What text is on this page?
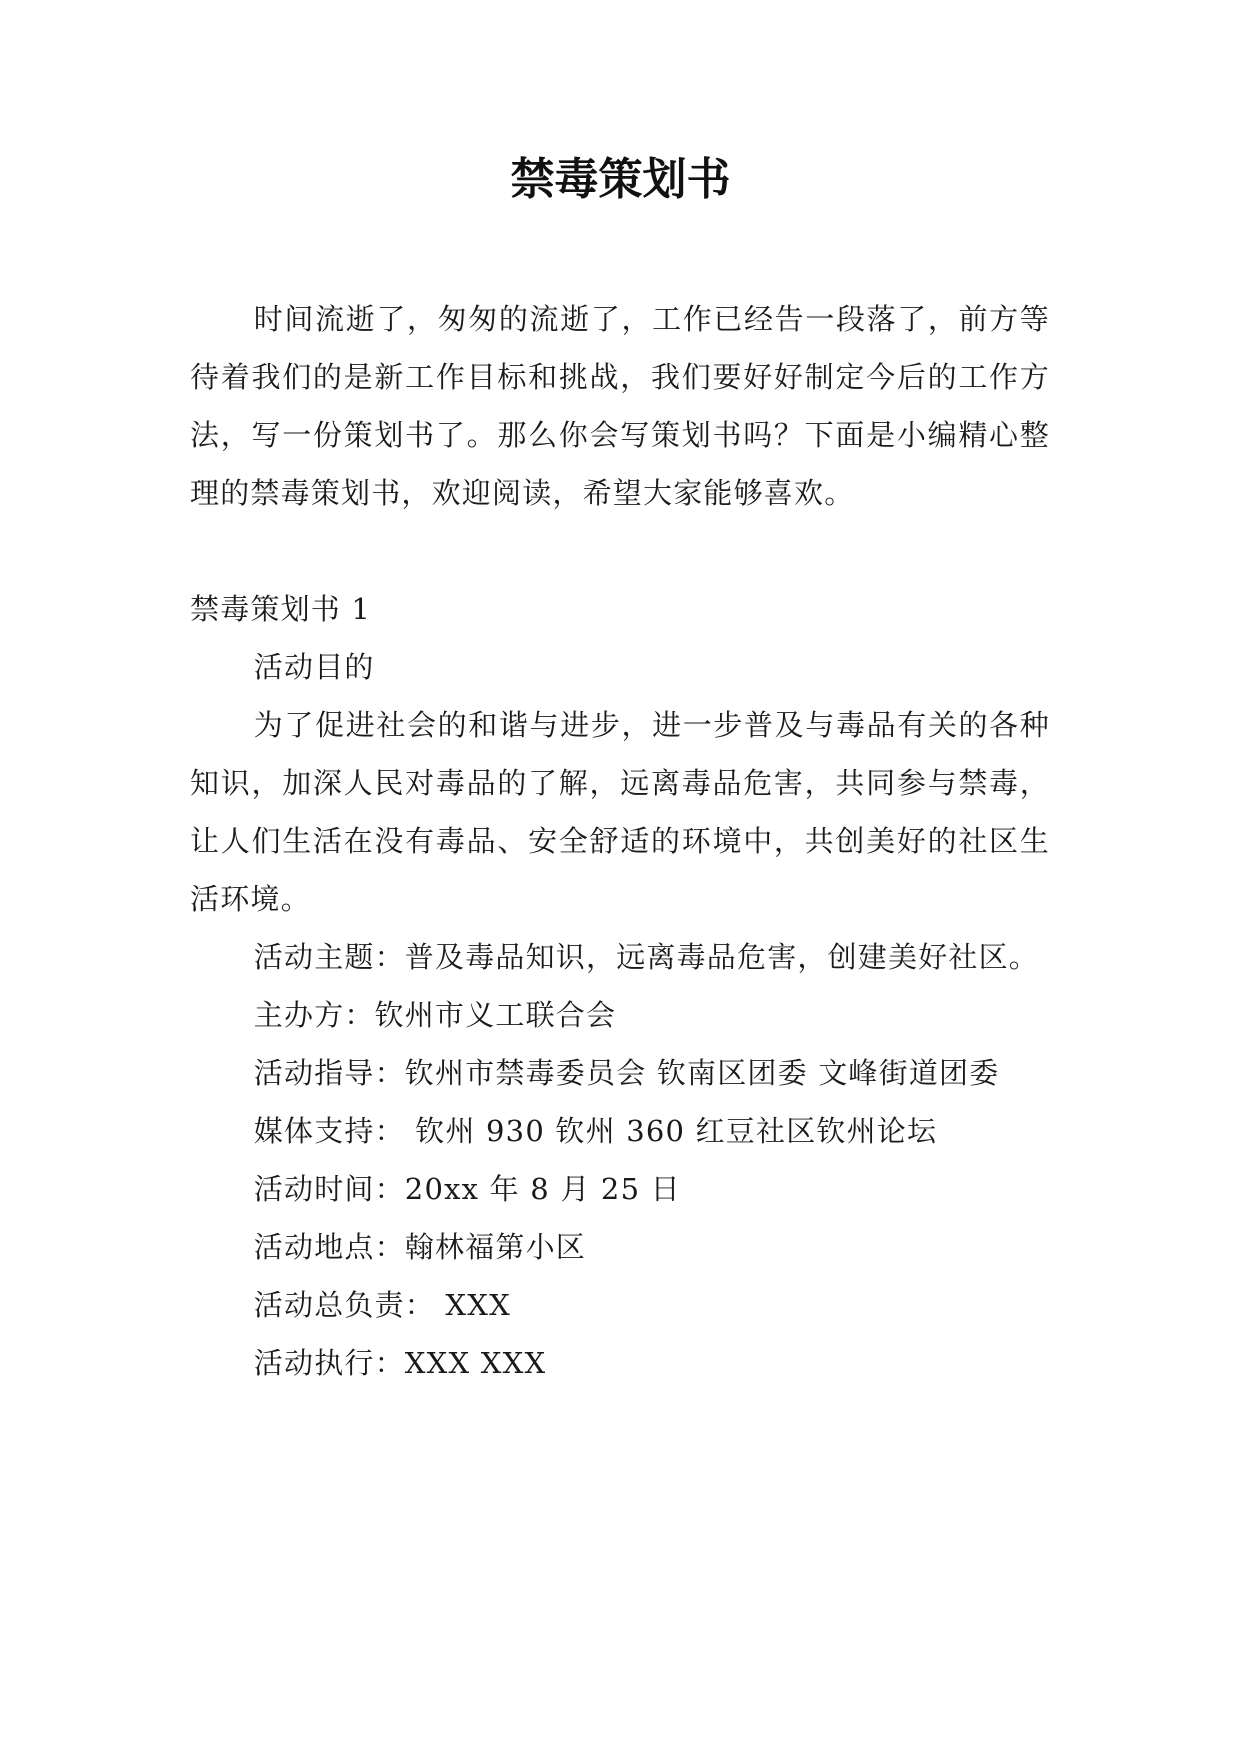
禁毒策划书

时间流逝了，匆匆的流逝了，工作已经告一段落了，前方等待着我们的是新工作目标和挑战，我们要好好制定今后的工作方法，写一份策划书了。那么你会写策划书吗？下面是小编精心整理的禁毒策划书，欢迎阅读，希望大家能够喜欢。

禁毒策划书 1

活动目的

为了促进社会的和谐与进步，进一步普及与毒品有关的各种知识，加深人民对毒品的了解，远离毒品危害，共同参与禁毒，让人们生活在没有毒品、安全舒适的环境中，共创美好的社区生活环境。

活动主题：普及毒品知识，远离毒品危害，创建美好社区。

主办方：钦州市义工联合会

活动指导：钦州市禁毒委员会 钦南区团委 文峰街道团委

媒体支持： 钦州 930 钦州 360 红豆社区钦州论坛

活动时间：20xx 年 8 月 25 日

活动地点：翰林福第小区

活动总负责： XXX

活动执行：XXX XXX
